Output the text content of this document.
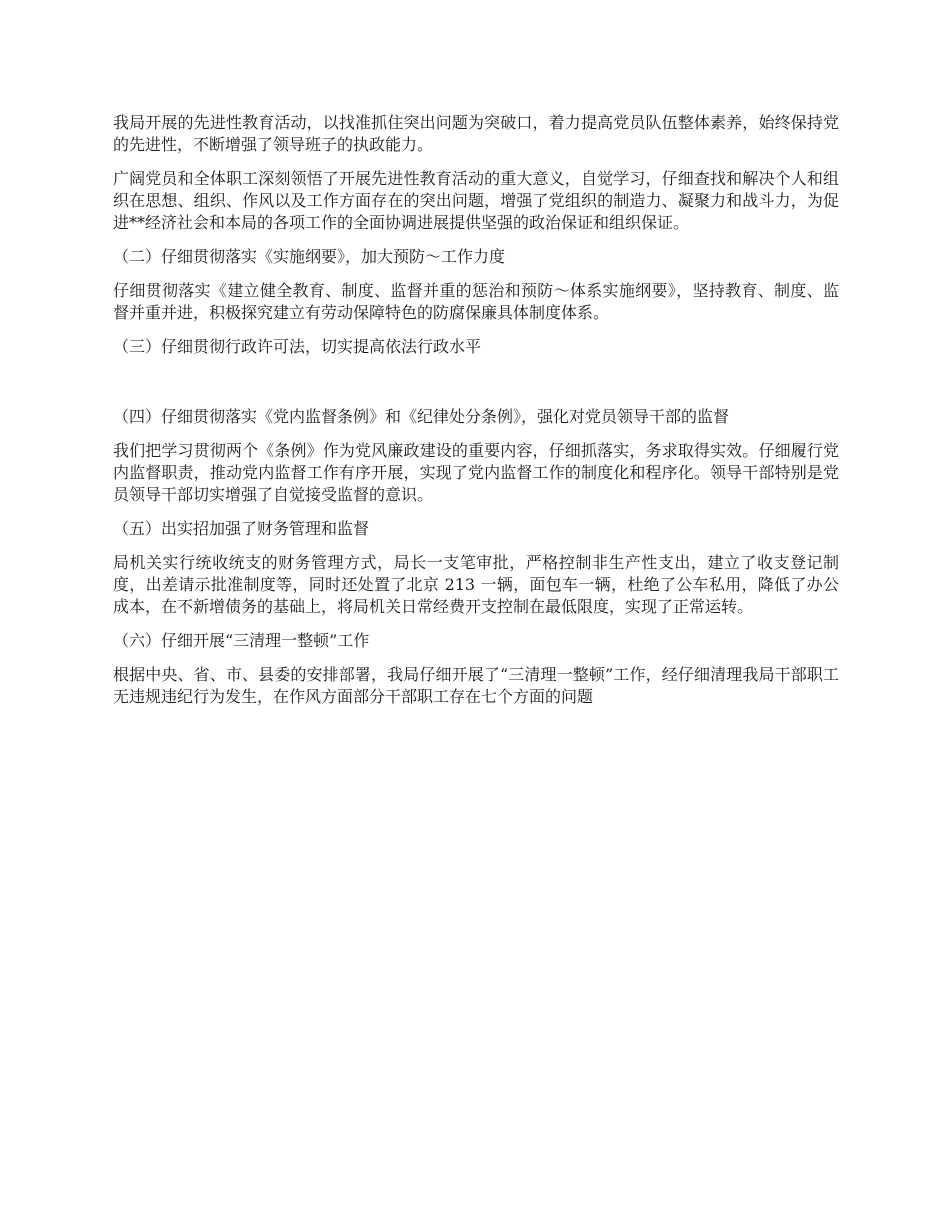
我局开展的先进性教育活动，以找准抓住突出问题为突破口，着力提高党员队伍整体素养，始终保持党的先进性，不断增强了领导班子的执政能力。

广阔党员和全体职工深刻领悟了开展先进性教育活动的重大意义，自觉学习，仔细查找和解决个人和组织在思想、组织、作风以及工作方面存在的突出问题，增强了党组织的制造力、凝聚力和战斗力，为促进**经济社会和本局的各项工作的全面协调进展提供坚强的政治保证和组织保证。

（二）仔细贯彻落实《实施纲要》，加大预防～工作力度

仔细贯彻落实《建立健全教育、制度、监督并重的惩治和预防～体系实施纲要》，坚持教育、制度、监督并重并进，积极探究建立有劳动保障特色的防腐保廉具体制度体系。

（三）仔细贯彻行政许可法，切实提高依法行政水平

（四）仔细贯彻落实《党内监督条例》和《纪律处分条例》，强化对党员领导干部的监督

我们把学习贯彻两个《条例》作为党风廉政建设的重要内容，仔细抓落实，务求取得实效。仔细履行党内监督职责，推动党内监督工作有序开展，实现了党内监督工作的制度化和程序化。领导干部特别是党员领导干部切实增强了自觉接受监督的意识。

（五）出实招加强了财务管理和监督

局机关实行统收统支的财务管理方式，局长一支笔审批，严格控制非生产性支出，建立了收支登记制度，出差请示批准制度等，同时还处置了北京 213 一辆，面包车一辆，杜绝了公车私用，降低了办公成本，在不新增债务的基础上，将局机关日常经费开支控制在最低限度，实现了正常运转。

（六）仔细开展“三清理一整顿”工作

根据中央、省、市、县委的安排部署，我局仔细开展了“三清理一整顿”工作，经仔细清理我局干部职工无违规违纪行为发生，在作风方面部分干部职工存在七个方面的问题
